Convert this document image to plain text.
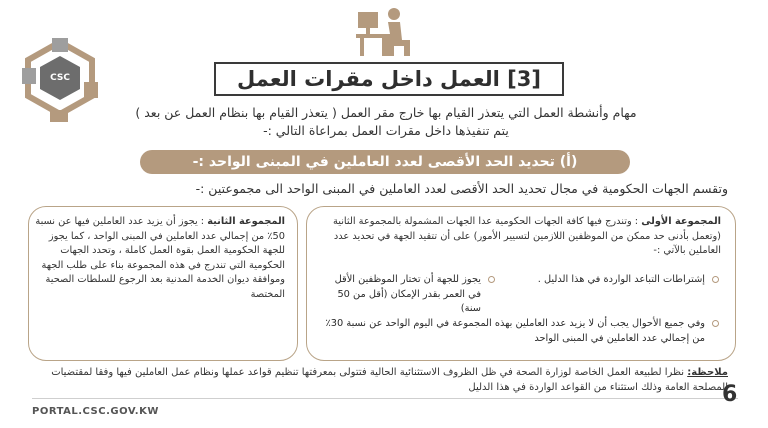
CSC	[3] العمل داخل مقرات العمل
مهام وأنشطة العمل التي يتعذر القيام بها خارج مقر العمل ( يتعذر القيام بها بنظام العمل عن بعد )
يتم تنفيذها داخل مقرات العمل بمراعاة التالي :-
(أ) تحديد الحد الأقصى لعدد العاملين في المبنى الواحد :-
وتقسم الجهات الحكومية في مجال تحديد الحد الأقصى لعدد العاملين في المبنى الواحد الى مجموعتين :-
المجموعة الثانية : يجوز أن يزيد عدد العاملين فيها عن نسبة 50٪ من إجمالي عدد العاملين في المبنى الواحد ، كما يجوز للجهة الحكومية العمل بقوة العمل كاملة ، وتحدد الجهات الحكومية التي تندرج في هذه المجموعة بناء على طلب الجهة وموافقة ديوان الخدمة المدنية بعد الرجوع للسلطات الصحية المختصة
المجموعة الأولى : وتندرج فيها كافة الجهات الحكومية عدا الجهات المشمولة بالمجموعة الثانية (وتعمل بأدنى حد ممكن من الموظفين اللازمين لتسيير الأمور) على أن تتقيد الجهة في تحديد عدد العاملين بالآتي :-
إشتراطات التباعد الواردة في هذا الدليل .
يجوز للجهة أن تختار الموظفين الأقل في العمر بقدر الإمكان (أقل من 50 سنة)
وفي جميع الأحوال يجب أن لا يزيد عدد العاملين بهذه المجموعة في اليوم الواحد عن نسبة 30٪ من إجمالي عدد العاملين في المبنى الواحد
ملاحظة: نظرا لطبيعة العمل الخاصة لوزارة الصحة في ظل الظروف الاستثنائية الحالية فتتولى بمعرفتها تنظيم قواعد عملها ونظام عمل العاملين فيها وفقا لمقتضيات المصلحة العامة وذلك استثناء من القواعد الواردة في هذا الدليل
PORTAL.CSC.GOV.KW
6
